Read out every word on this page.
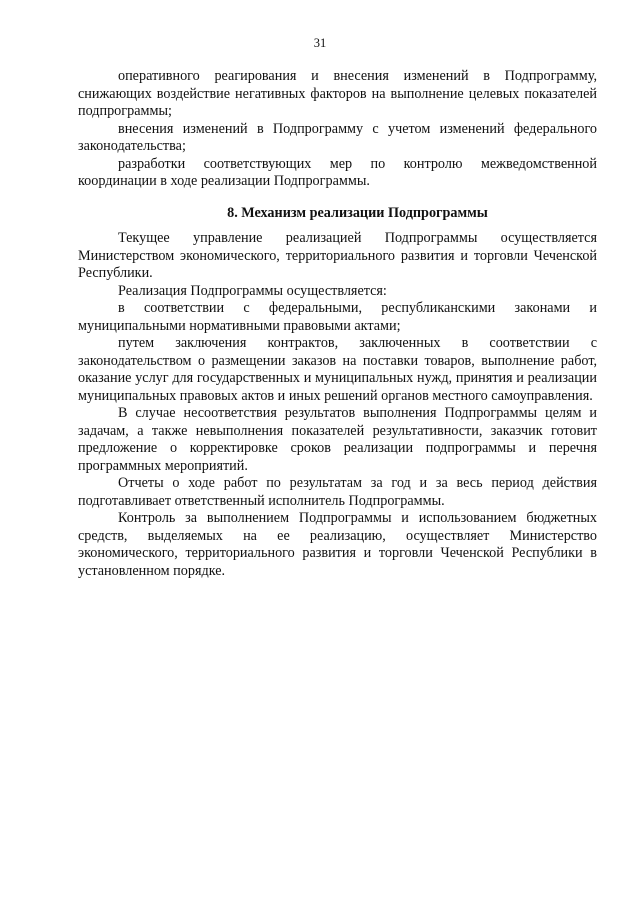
31

оперативного реагирования и внесения изменений в Подпрограмму, снижающих воздействие негативных факторов на выполнение целевых показателей подпрограммы;

внесения изменений в Подпрограмму с учетом изменений федерального законодательства;

разработки соответствующих мер по контролю межведомственной координации в ходе реализации Подпрограммы.

8. Механизм реализации Подпрограммы

Текущее управление реализацией Подпрограммы осуществляется Министерством экономического, территориального развития и торговли Чеченской Республики.

Реализация Подпрограммы осуществляется:

в соответствии с федеральными, республиканскими законами и муниципальными нормативными правовыми актами;

путем заключения контрактов, заключенных в соответствии с законодательством о размещении заказов на поставки товаров, выполнение работ, оказание услуг для государственных и муниципальных нужд, принятия и реализации муниципальных правовых актов и иных решений органов местного самоуправления.

В случае несоответствия результатов выполнения Подпрограммы целям и задачам, а также невыполнения показателей результативности, заказчик готовит предложение о корректировке сроков реализации подпрограммы и перечня программных мероприятий.

Отчеты о ходе работ по результатам за год и за весь период действия подготавливает ответственный исполнитель Подпрограммы.

Контроль за выполнением Подпрограммы и использованием бюджетных средств, выделяемых на ее реализацию, осуществляет Министерство экономического, территориального развития и торговли Чеченской Республики в установленном порядке.
